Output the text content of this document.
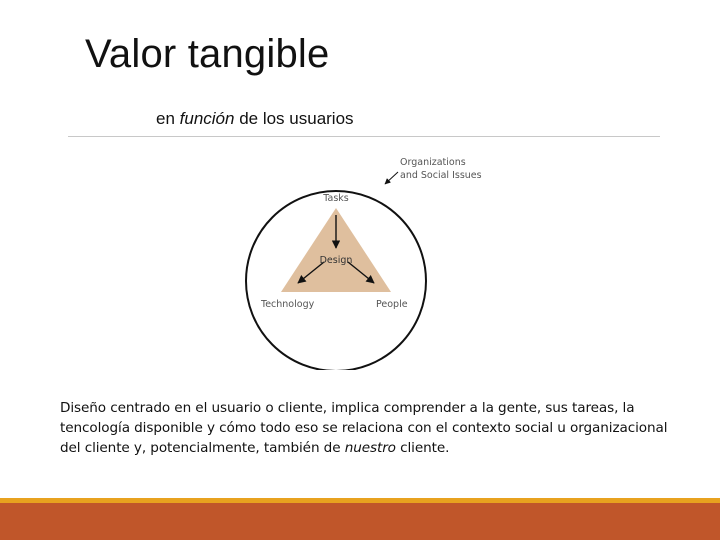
Valor tangible
en función de los usuarios
Organizations
and Social Issues
Tasks
Design
Technology	People
Diseño centrado en el usuario o cliente, implica comprender a la gente, sus tareas, la tencología disponible y cómo todo eso se relaciona con el contexto social u organizacional del cliente y, potencialmente, también de nuestro cliente.
